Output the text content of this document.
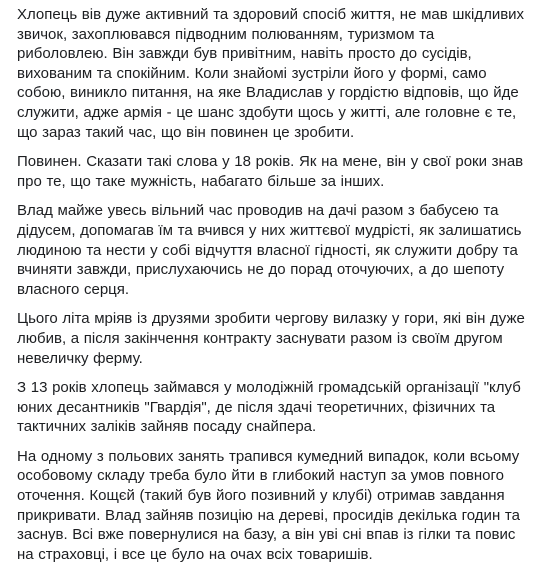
Хлопець вів дуже активний та здоровий спосіб життя, не мав шкідливих звичок, захоплювався підводним полюванням, туризмом та риболовлею. Він завжди був привітним, навіть просто до сусідів, вихованим та спокійним. Коли знайомі зустріли його у формі, само собою, виникло питання, на яке Владислав у гордістю відповів, що йде служити, адже армія - це шанс здобути щось у житті, але головне є те, що зараз такий час, що він повинен це зробити.

Повинен. Сказати такі слова у 18 років. Як на мене, він у свої роки знав про те, що таке мужність, набагато більше за інших.

Влад майже увесь вільний час проводив на дачі разом з бабусею та дідусем, допомагав їм та вчився у них життєвої мудрісті, як залишатись людиною та нести у собі відчуття власної гідності, як служити добру та вчиняти завжди, прислухаючись не до порад оточуючих, а до шепоту власного серця.

Цього літа мріяв із друзями зробити чергову вилазку у гори, які він дуже любив, а після закінчення контракту заснувати разом із своїм другом невеличку ферму.

З 13 років хлопець займався у молодіжній громадській організації "клуб юних десантників "Гвардія", де після здачі теоретичних, фізичних та тактичних заліків зайняв посаду снайпера.

На одному з польових занять трапився кумедний випадок, коли всьому особовому складу треба було йти в глибокий наступ за умов повного оточення. Кощєй (такий був його позивний у клубі) отримав завдання прикривати. Влад зайняв позицію на дереві, просидів декілька годин та заснув. Всі вже повернулися на базу, а він уві сні впав із гілки та повис на страховці, і все це було на очах всіх товаришів.
